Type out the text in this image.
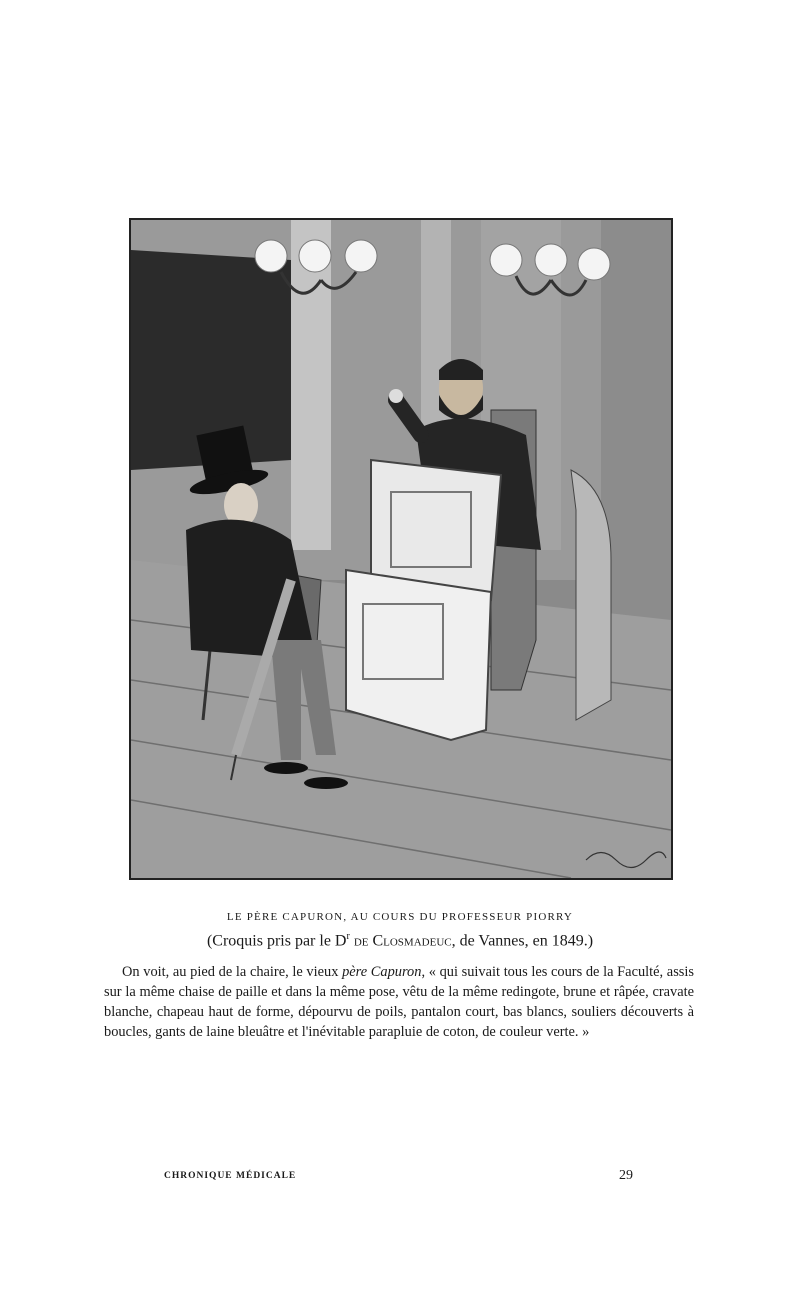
LE PÈRE CAPURON, AU COURS DU PROFESSEUR PIORRY
(Croquis pris par le $D^r$ de Closmadeuc, de Vannes, en 1849.)

On voit, au pied de la chaire, le vieux père Capuron, « qui suivait tous les cours de la Faculté, assis sur la même chaise de paille et dans la même pose, vêtu de la même redingote, brune et râpée, cravate blanche, chapeau haut de forme, dépourvu de poils, pantalon court, bas blancs, souliers découverts à boucles, gants de laine bleuâtre et l'inévitable parapluie de coton, de couleur verte. »

CHRONIQUE MÉDICALE	29
